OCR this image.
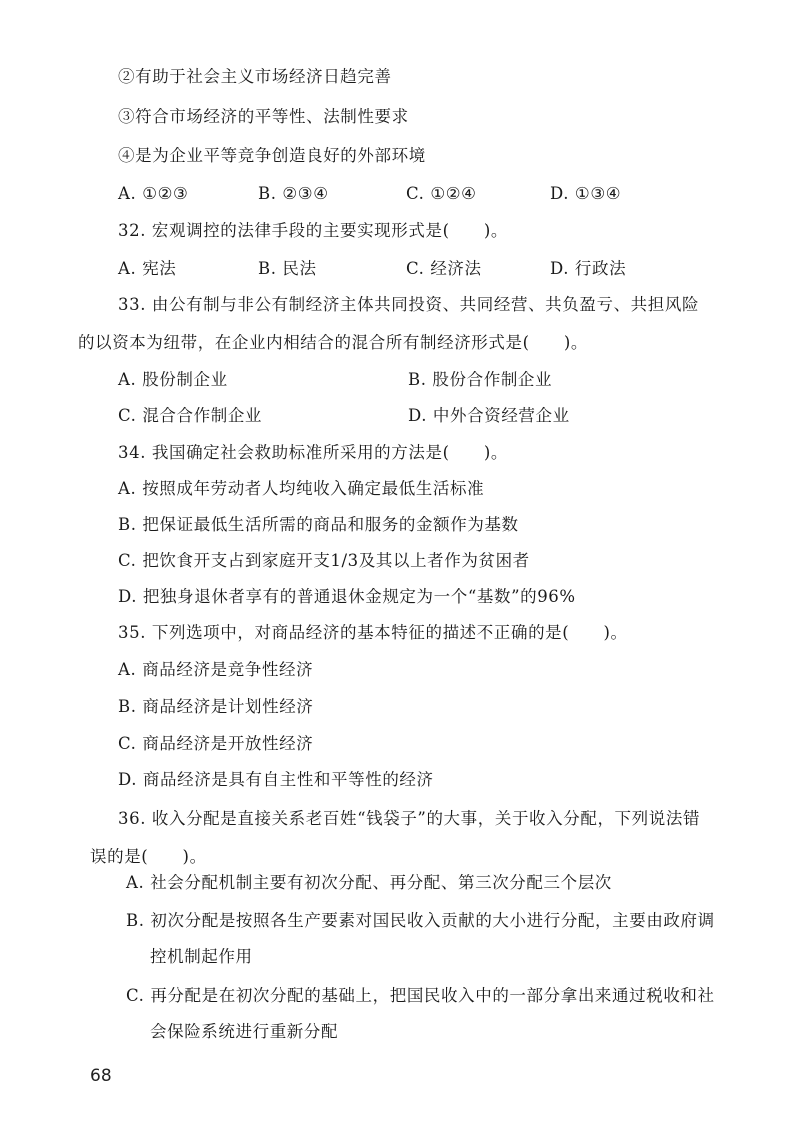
②有助于社会主义市场经济日趋完善
③符合市场经济的平等性、法制性要求
④是为企业平等竞争创造良好的外部环境
A. ①②③	B. ②③④	C. ①②④	D. ①③④
32. 宏观调控的法律手段的主要实现形式是(　　)。
A. 宪法	B. 民法	C. 经济法	D. 行政法
33. 由公有制与非公有制经济主体共同投资、共同经营、共负盈亏、共担风险
的以资本为纽带，在企业内相结合的混合所有制经济形式是(　　)。
A. 股份制企业	B. 股份合作制企业
C. 混合合作制企业	D. 中外合资经营企业
34. 我国确定社会救助标准所采用的方法是(　　)。
A. 按照成年劳动者人均纯收入确定最低生活标准
B. 把保证最低生活所需的商品和服务的金额作为基数
C. 把饮食开支占到家庭开支1/3及其以上者作为贫困者
D. 把独身退休者享有的普通退休金规定为一个“基数”的96%
35. 下列选项中，对商品经济的基本特征的描述不正确的是(　　)。
A. 商品经济是竞争性经济
B. 商品经济是计划性经济
C. 商品经济是开放性经济
D. 商品经济是具有自主性和平等性的经济
36. 收入分配是直接关系老百姓“钱袋子”的大事，关于收入分配，下列说法错
误的是(　　)。
A. 社会分配机制主要有初次分配、再分配、第三次分配三个层次
B. 初次分配是按照各生产要素对国民收入贡献的大小进行分配，主要由政府调
控机制起作用
C. 再分配是在初次分配的基础上，把国民收入中的一部分拿出来通过税收和社
会保险系统进行重新分配
68
